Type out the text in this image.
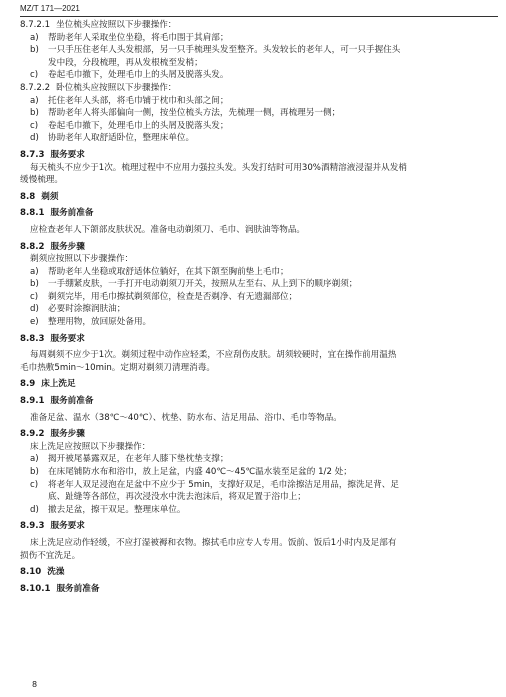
MZ/T 171—2021
8.7.2.1 坐位梳头应按照以下步骤操作：
a)	帮助老年人采取坐位坐稳，将毛巾围于其肩部；
b)	一只手压住老年人头发根部，另一只手梳理头发至整齐。头发较长的老年人，可一只手握住头
发中段，分段梳理，再从发根梳至发梢；
c)	卷起毛巾撤下，处理毛巾上的头屑及脱落头发。
8.7.2.2 卧位梳头应按照以下步骤操作：
a)	托住老年人头部，将毛巾铺于枕巾和头部之间；
b)	帮助老年人将头部偏向一侧，按坐位梳头方法，先梳理一侧，再梳理另一侧；
c)	卷起毛巾撤下，处理毛巾上的头屑及脱落头发；
d)	协助老年人取舒适卧位，整理床单位。
8.7.3 服务要求
每天梳头不应少于1次。梳理过程中不应用力强拉头发。头发打结时可用30%酒精溶液浸湿并从发梢
缓慢梳理。
8.8 剃须
8.8.1 服务前准备
应检查老年人下颌部皮肤状况。准备电动剃须刀、毛巾、润肤油等物品。
8.8.2 服务步骤
剃须应按照以下步骤操作：
a)	帮助老年人坐稳或取舒适体位躺好，在其下颌至胸前垫上毛巾；
b)	一手绷紧皮肤，一手打开电动剃须刀开关，按照从左至右、从上到下的顺序剃须；
c)	剃须完毕，用毛巾擦拭剃须部位，检查是否剃净、有无遗漏部位；
d)	必要时涂擦润肤油；
e)	整理用物，放回原处备用。
8.8.3 服务要求
每周剃须不应少于1次。剃须过程中动作应轻柔，不应刮伤皮肤。胡须较硬时，宜在操作前用温热
毛巾热敷5min～10min。定期对剃须刀清理消毒。
8.9 床上洗足
8.9.1 服务前准备
准备足盆、温水（38℃～40℃）、枕垫、防水布、洁足用品、浴巾、毛巾等物品。
8.9.2 服务步骤
床上洗足应按照以下步骤操作：
a)	揭开被尾暴露双足，在老年人膝下垫枕垫支撑；
b)	在床尾铺防水布和浴巾，放上足盆，内盛 40℃～45℃温水装至足盆的 1/2 处；
c)	将老年人双足浸泡在足盆中不应少于 5min，支撑好双足，毛巾涂擦洁足用品，擦洗足背、足
底、趾缝等各部位，再次浸没水中洗去泡沫后，将双足置于浴巾上；
d)	撤去足盆，擦干双足。整理床单位。
8.9.3 服务要求
床上洗足应动作轻缓，不应打湿被褥和衣物。擦拭毛巾应专人专用。饭前、饭后1小时内及足部有
损伤不宜洗足。
8.10 洗澡
8.10.1 服务前准备
8
